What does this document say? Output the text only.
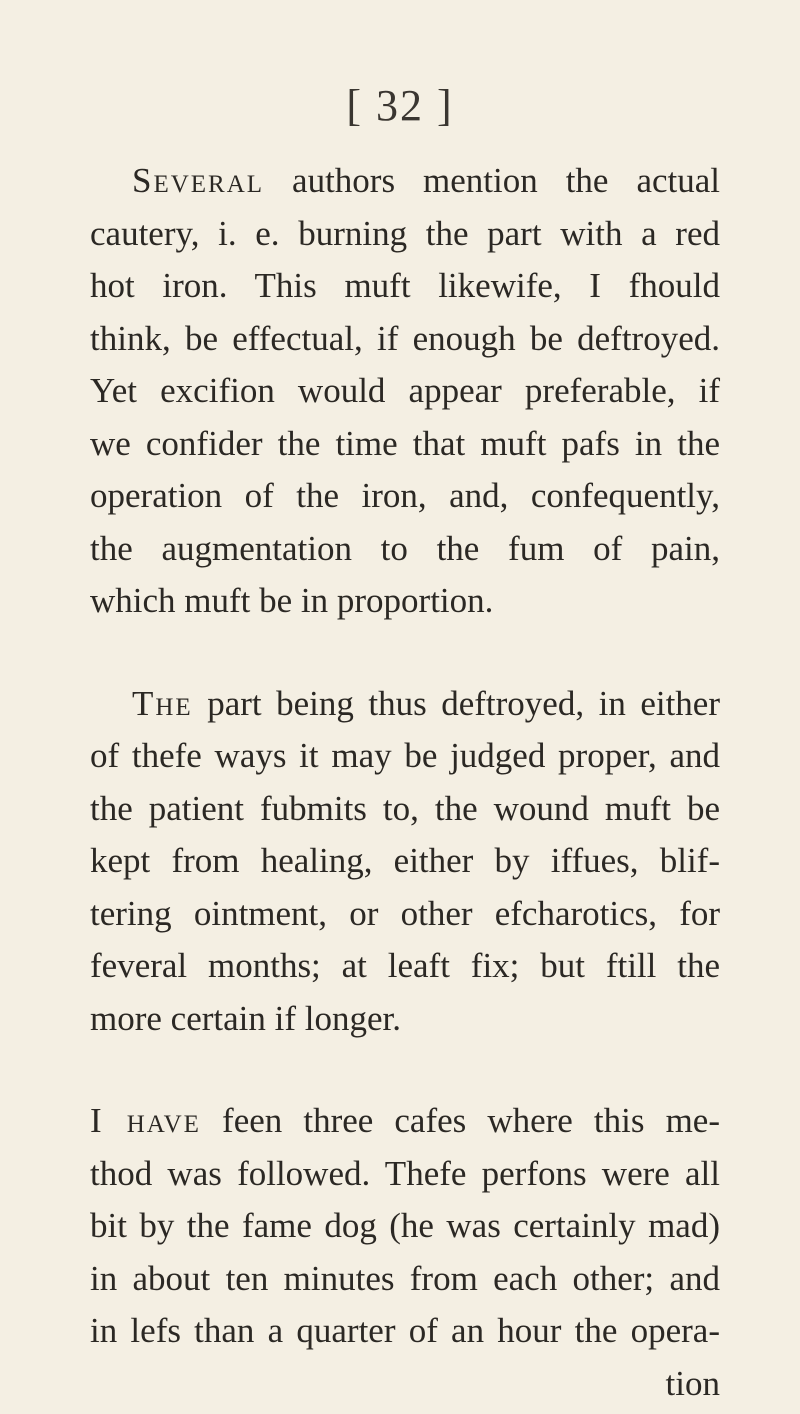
[ 32 ]
Several authors mention the actual
cautery, i. e. burning the part with a red
hot iron. This muft likewife, I fhould
think, be effectual, if enough be deftroyed.
Yet excifion would appear preferable, if
we confider the time that muft pafs in the
operation of the iron, and, confequently,
the augmentation to the fum of pain,
which muft be in proportion.
The part being thus deftroyed, in either
of thefe ways it may be judged proper, and
the patient fubmits to, the wound muft be
kept from healing, either by iffues, blif-
tering ointment, or other efcharotics, for
feveral months; at leaft fix; but ftill the
more certain if longer.
I have feen three cafes where this me-
thod was followed. Thefe perfons were all
bit by the fame dog (he was certainly mad)
in about ten minutes from each other; and
in lefs than a quarter of an hour the opera-
tion
